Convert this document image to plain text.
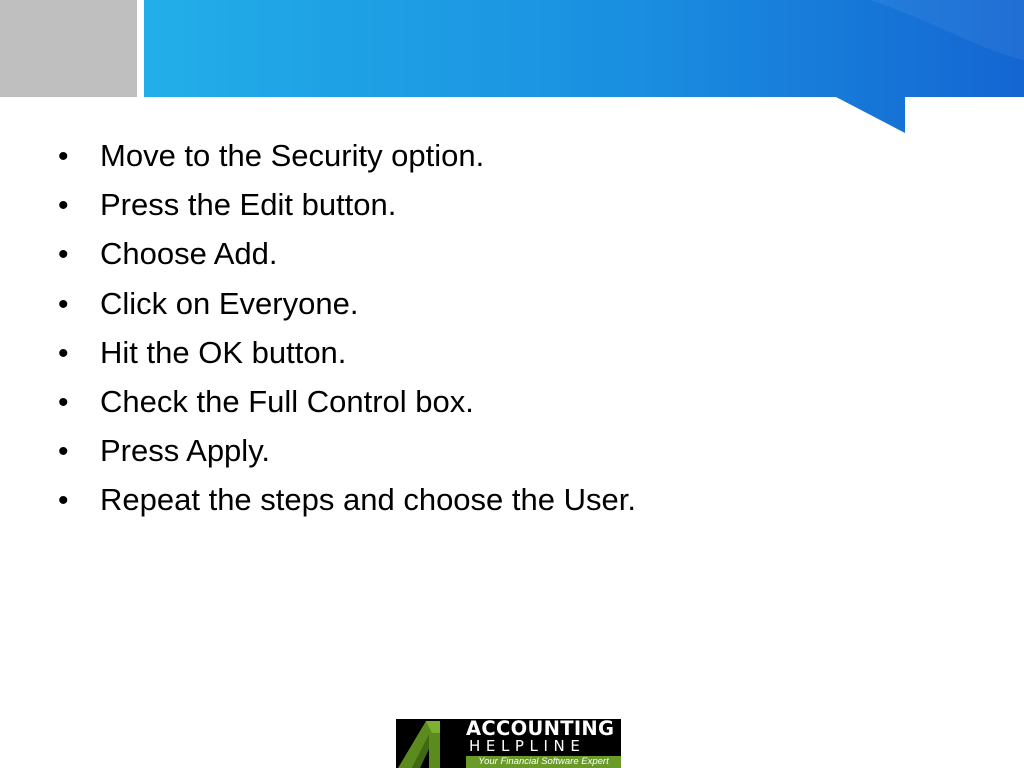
•	Move to the Security option.
•	Press the Edit button.
•	Choose Add.
•	Click on Everyone.
•	Hit the OK button.
•	Check the Full Control box.
•	Press Apply.
•	Repeat the steps and choose the User.
ACCOUNTING
HELPLINE
Your Financial Software Expert
